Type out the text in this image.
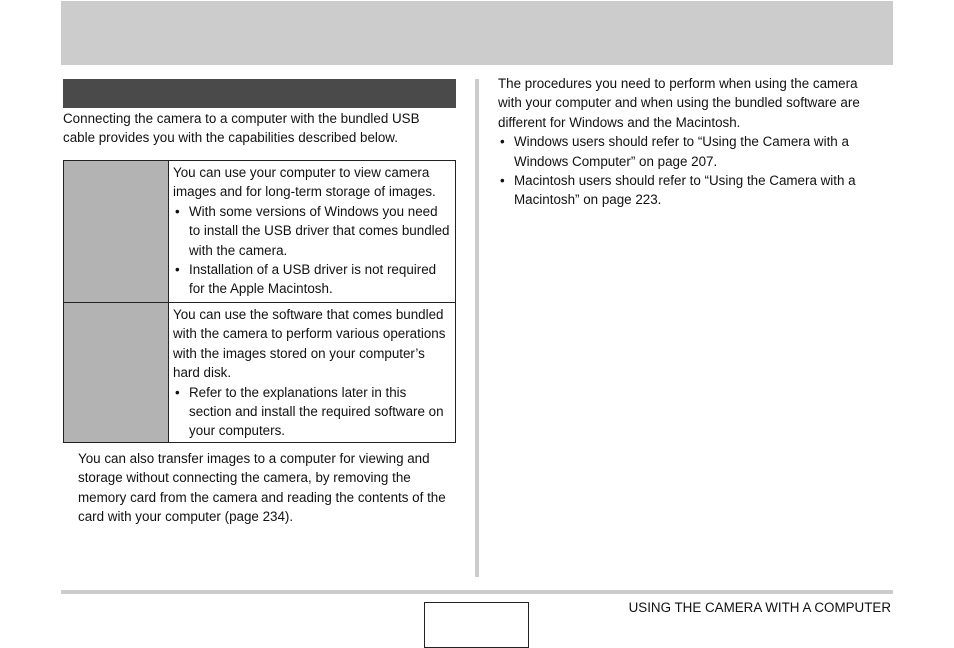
Connecting the camera to a computer with the bundled USB cable provides you with the capabilities described below.

You can use your computer to view camera images and for long-term storage of images.

• With some versions of Windows you need to install the USB driver that comes bundled with the camera.
• Installation of a USB driver is not required for the Apple Macintosh.

You can use the software that comes bundled with the camera to perform various operations with the images stored on your computer’s hard disk.

• Refer to the explanations later in this section and install the required software on your computers.

You can also transfer images to a computer for viewing and storage without connecting the camera, by removing the memory card from the camera and reading the contents of the card with your computer (page 234).

The procedures you need to perform when using the camera with your computer and when using the bundled software are different for Windows and the Macintosh.

• Windows users should refer to “Using the Camera with a Windows Computer” on page 207.
• Macintosh users should refer to “Using the Camera with a Macintosh” on page 223.
USING THE CAMERA WITH A COMPUTER
